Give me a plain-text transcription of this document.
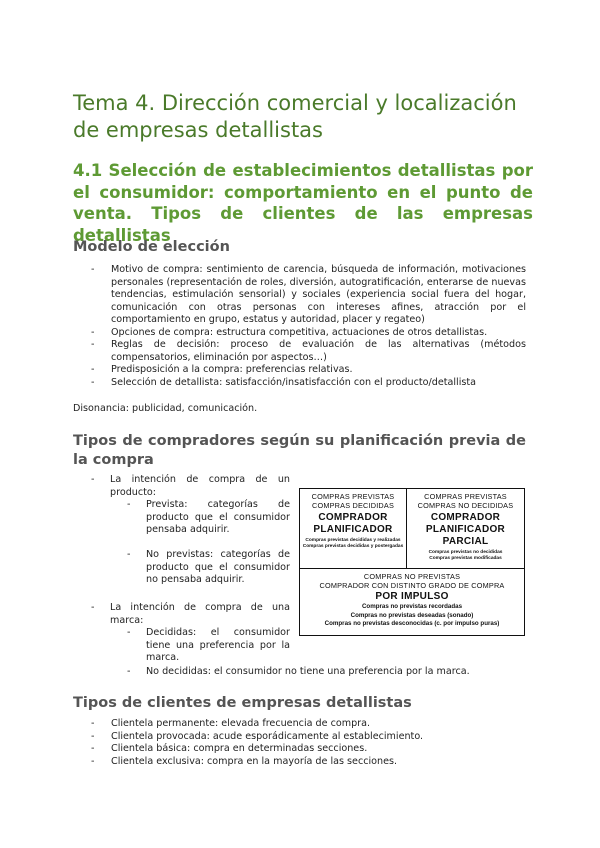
Tema 4. Dirección comercial y localización de empresas detallistas
4.1 Selección de establecimientos detallistas por el consumidor: comportamiento en el punto de venta. Tipos de clientes de las empresas detallistas
Modelo de elección
- Motivo de compra: sentimiento de carencia, búsqueda de información, motivaciones personales (representación de roles, diversión, autogratificación, enterarse de nuevas tendencias, estimulación sensorial) y sociales (experiencia social fuera del hogar, comunicación con otras personas con intereses afines, atracción por el comportamiento en grupo, estatus y autoridad, placer y regateo)
- Opciones de compra: estructura competitiva, actuaciones de otros detallistas.
- Reglas de decisión: proceso de evaluación de las alternativas (métodos compensatorios, eliminación por aspectos…)
- Predisposición a la compra: preferencias relativas.
- Selección de detallista: satisfacción/insatisfacción con el producto/detallista
Disonancia: publicidad, comunicación.
Tipos de compradores según su planificación previa de la compra
- La intención de compra de un producto:
- Prevista: categorías de producto que el consumidor pensaba adquirir.
- No previstas: categorías de producto que el consumidor no pensaba adquirir.
- La intención de compra de una marca:
- Decididas: el consumidor tiene una preferencia por la marca.
- No decididas: el consumidor no tiene una preferencia por la marca.
COMPRAS PREVISTAS
COMPRAS DECIDIDAS
COMPRADOR
PLANIFICADOR
Compras previstas decididas y realizadas Compras previstas decididas y postergadas
COMPRAS PREVISTAS
COMPRAS NO DECIDIDAS
COMPRADOR
PLANIFICADOR
PARCIAL
Compras previstas no decididas
Compras previstas modificadas
COMPRAS NO PREVISTAS
COMPRADOR CON DISTINTO GRADO DE COMPRA
POR IMPULSO
Compras no previstas recordadas
Compras no previstas deseadas (sonado)
Compras no previstas desconocidas (c. por impulso puras)
Tipos de clientes de empresas detallistas
- Clientela permanente: elevada frecuencia de compra.
- Clientela provocada: acude esporádicamente al establecimiento.
- Clientela básica: compra en determinadas secciones.
- Clientela exclusiva: compra en la mayoría de las secciones.
